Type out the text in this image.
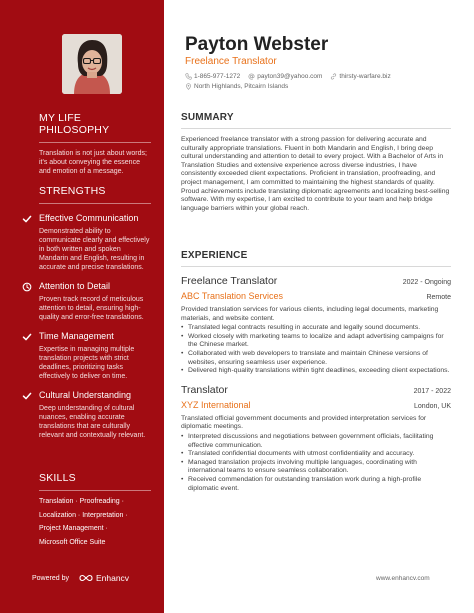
MY LIFE PHILOSOPHY

Translation is not just about words; it's about conveying the essence and emotion of a message.

STRENGTHS
Effective Communication
Demonstrated ability to communicate clearly and effectively in both written and spoken Mandarin and English, resulting in accurate and precise translations.
Attention to Detail
Proven track record of meticulous attention to detail, ensuring high-quality and error-free translations.
Time Management
Expertise in managing multiple translation projects with strict deadlines, prioritizing tasks effectively to deliver on time.
Cultural Understanding
Deep understanding of cultural nuances, enabling accurate translations that are culturally relevant and contextually relevant.
SKILLS
Translation · Proofreading ·
Localization · Interpretation ·
Project Management ·
Microsoft Office Suite
Powered by	Enhancv
Payton Webster
Freelance Translator
1-865-977-1272	payton39@yahoo.com	thirsty-warfare.biz
North Highlands, Pitcairn Islands
SUMMARY

Experienced freelance translator with a strong passion for delivering accurate and culturally appropriate translations. Fluent in both Mandarin and English, I bring deep cultural understanding and attention to detail to every project. With a Bachelor of Arts in Translation Studies and extensive experience across diverse industries, I have consistently exceeded client expectations. Proficient in translation, proofreading, and project management, I am committed to maintaining the highest standards of quality. Proud achievements include translating diplomatic agreements and localizing best-selling software. With my expertise, I am excited to contribute to your team and help bridge language barriers within your global reach.

EXPERIENCE
Freelance Translator	2022 - Ongoing
ABC Translation Services	Remote

Provided translation services for various clients, including legal documents, marketing materials, and website content.

• Translated legal contracts resulting in accurate and legally sound documents.
• Worked closely with marketing teams to localize and adapt advertising campaigns for the Chinese market.
• Collaborated with web developers to translate and maintain Chinese versions of websites, ensuring seamless user experience.
• Delivered high-quality translations within tight deadlines, exceeding client expectations.
Translator	2017 - 2022
XYZ International	London, UK

Translated official government documents and provided interpretation services for diplomatic meetings.

• Interpreted discussions and negotiations between government officials, facilitating effective communication.
• Translated confidential documents with utmost confidentiality and accuracy.
• Managed translation projects involving multiple languages, coordinating with international teams to ensure seamless collaboration.
• Received commendation for outstanding translation work during a high-profile diplomatic event.
www.enhancv.com
